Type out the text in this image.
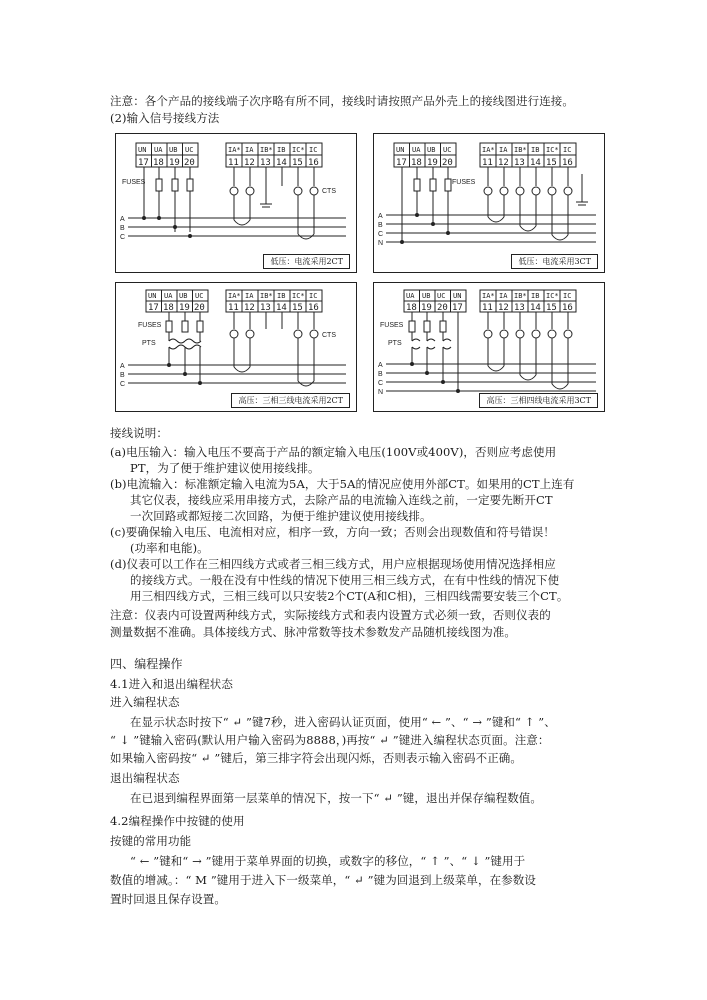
注意：各个产品的接线端子次序略有所不同，接线时请按照产品外壳上的接线图进行连接。
(2)输入信号接线方法
UN UA UB UC	IA* IA IB* IB IC* IC
17 18 19 20	11 12 13 14 15 16
FUSES
CTS
A
B
C
低压：电流采用2CT
UN UA UB UC	IA* IA IB* IB IC* IC
17 18 19 20	11 12 13 14 15 16
FUSES
A
B
C
N
低压：电流采用3CT
UN UA UB UC	IA* IA IB* IB IC* IC
17 18 19 20	11 12 13 14 15 16
FUSES
PTS
CTS
A
B
C
高压：三相三线电流采用2CT
UA UB UC UN	IA* IA IB* IB IC* IC
18 19 20 17 11 12 13 14 15 16
FUSES
PTS
A
B
C
N
高压：三相四线电流采用3CT
接线说明：
(a)电压输入：输入电压不要高于产品的额定输入电压(100V或400V)，否则应考虑使用
PT，为了便于维护建议使用接线排。
(b)电流输入：标准额定输入电流为5A，大于5A的情况应使用外部CT。如果用的CT上连有
其它仪表，接线应采用串接方式，去除产品的电流输入连线之前，一定要先断开CT
一次回路或都短接二次回路，为便于维护建议使用接线排。
(c)要确保输入电压、电流相对应，相序一致，方向一致；否则会出现数值和符号错误！
(功率和电能)。
(d)仪表可以工作在三相四线方式或者三相三线方式，用户应根据现场使用情况选择相应
的接线方式。一般在没有中性线的情况下使用三相三线方式，在有中性线的情况下使
用三相四线方式，三相三线可以只安装2个CT(A和C相)，三相四线需要安装三个CT。
注意：仪表内可设置两种线方式，实际接线方式和表内设置方式必须一致，否则仪表的
测量数据不准确。具体接线方式、脉冲常数等技术参数发产品随机接线图为准。
四、编程操作
4.1进入和退出编程状态
进入编程状态
在显示状态时按下“ ↵ ”键7秒，进入密码认证页面，使用“ ← ”、“ → ”键和“ ↑ ”、
“ ↓ ”键输入密码(默认用户输入密码为8888，)再按“ ↵ ”键进入编程状态页面。注意：
如果输入密码按“ ↵ ”键后，第三排字符会出现闪烁，否则表示输入密码不正确。
退出编程状态
在已退到编程界面第一层菜单的情况下，按一下“ ↵ ”键，退出并保存编程数值。
4.2编程操作中按键的使用
按键的常用功能
“ ← ”键和“ → ”键用于菜单界面的切换，或数字的移位，“ ↑ ”、“ ↓ ”键用于
数值的增减。：“ M ”键用于进入下一级菜单，“ ↵ ”键为回退到上级菜单，在参数设
置时回退且保存设置。
